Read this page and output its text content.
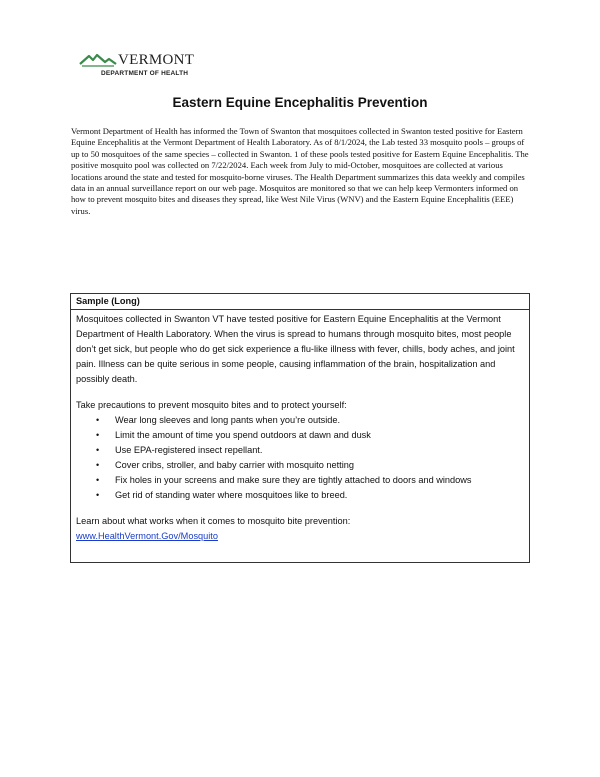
VERMONT
DEPARTMENT OF HEALTH
Eastern Equine Encephalitis Prevention

Vermont Department of Health has informed the Town of Swanton that mosquitoes collected in Swanton tested positive for Eastern Equine Encephalitis at the Vermont Department of Health Laboratory. As of 8/1/2024, the Lab tested 33 mosquito pools – groups of up to 50 mosquitoes of the same species – collected in Swanton. 1 of these pools tested positive for Eastern Equine Encephalitis. The positive mosquito pool was collected on 7/22/2024. Each week from July to mid-October, mosquitoes are collected at various locations around the state and tested for mosquito-borne viruses. The Health Department summarizes this data weekly and compiles data in an annual surveillance report on our web page. Mosquitos are monitored so that we can help keep Vermonters informed on how to prevent mosquito bites and diseases they spread, like West Nile Virus (WNV) and the Eastern Equine Encephalitis (EEE) virus.

Sample (Long)

Mosquitoes collected in Swanton VT have tested positive for Eastern Equine Encephalitis at the Vermont Department of Health Laboratory. When the virus is spread to humans through mosquito bites, most people don’t get sick, but people who do get sick experience a flu-like illness with fever, chills, body aches, and joint pain. Illness can be quite serious in some people, causing inflammation of the brain, hospitalization and possibly death.

Take precautions to prevent mosquito bites and to protect yourself:

• Wear long sleeves and long pants when you’re outside.
• Limit the amount of time you spend outdoors at dawn and dusk
• Use EPA-registered insect repellant.
• Cover cribs, stroller, and baby carrier with mosquito netting
• Fix holes in your screens and make sure they are tightly attached to doors and windows
• Get rid of standing water where mosquitoes like to breed.

Learn about what works when it comes to mosquito bite prevention:

www.HealthVermont.Gov/Mosquito
